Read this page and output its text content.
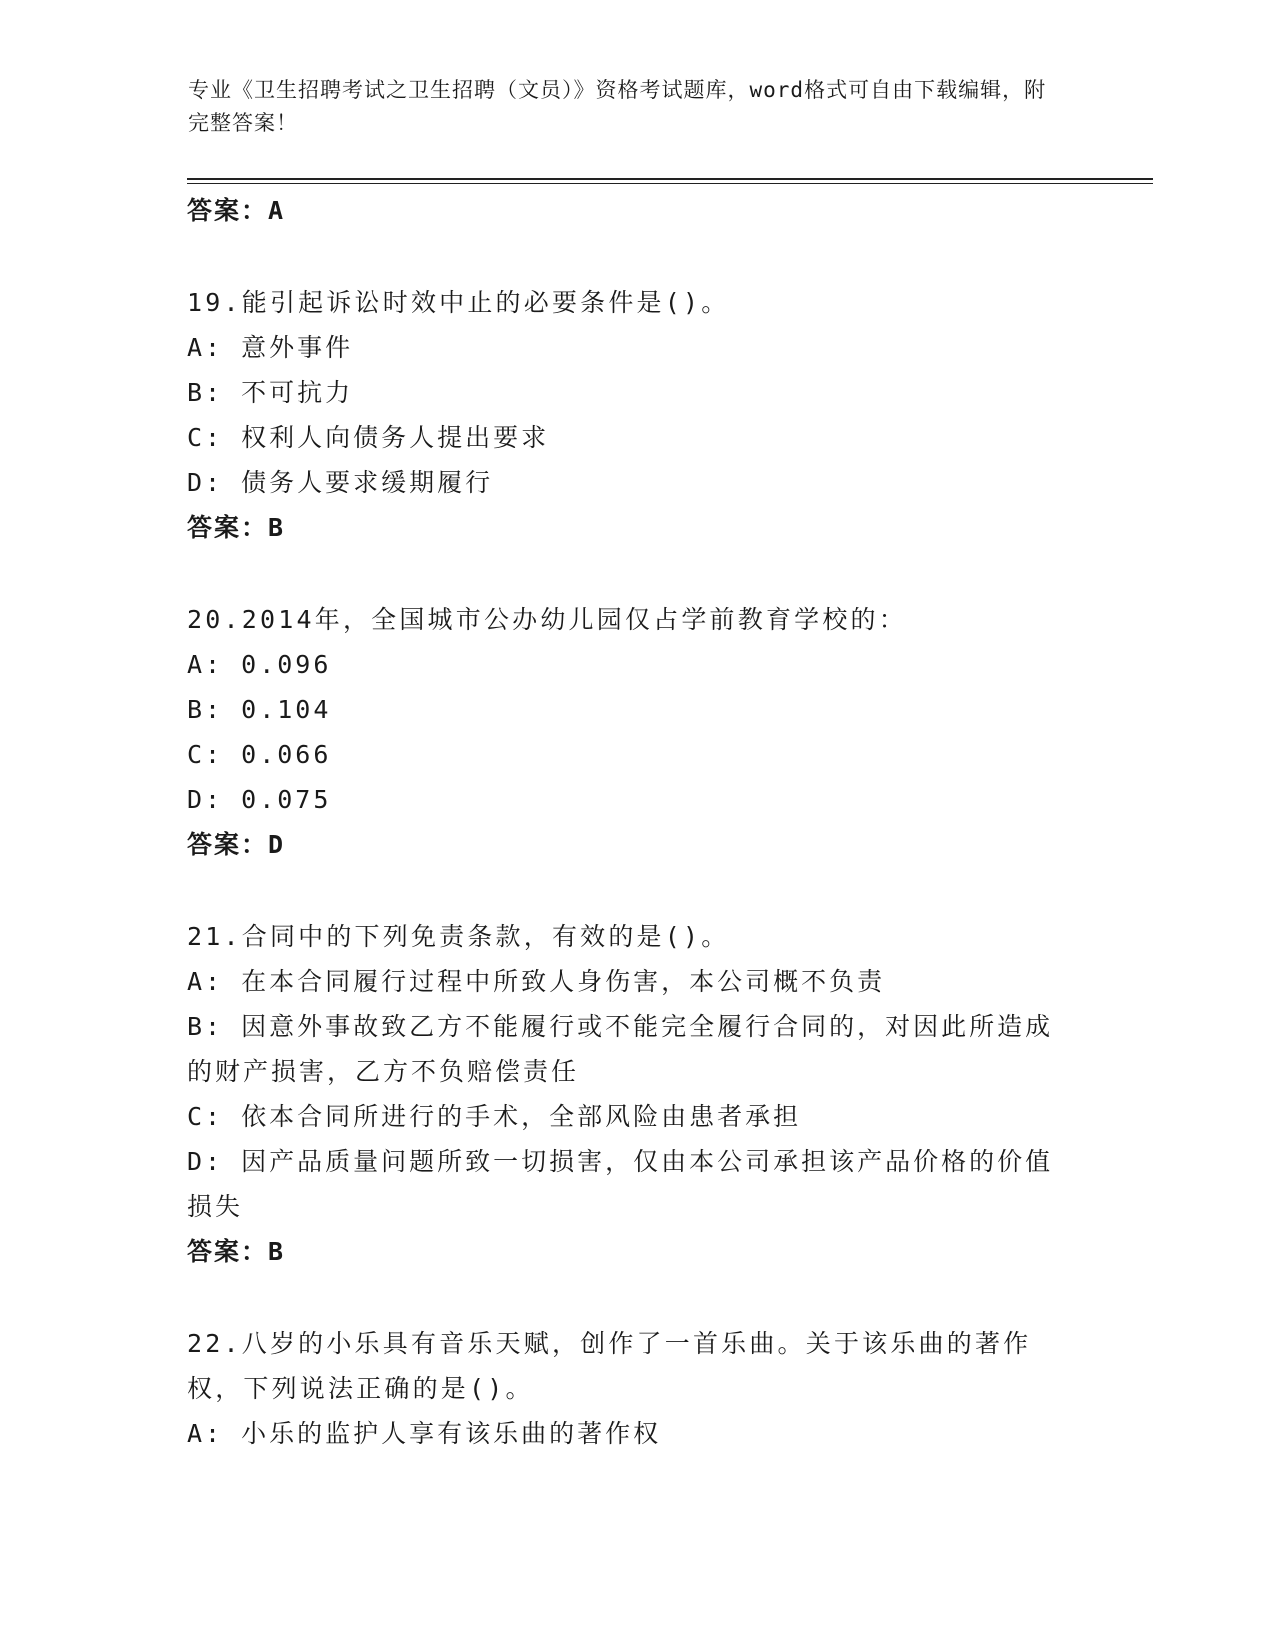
专业《卫生招聘考试之卫生招聘（文员）》资格考试题库，word格式可自由下载编辑，附完整答案！
答案：A
19.能引起诉讼时效中止的必要条件是()。
A: 意外事件
B: 不可抗力
C: 权利人向债务人提出要求
D: 债务人要求缓期履行
答案：B
20.2014年，全国城市公办幼儿园仅占学前教育学校的：
A: 0.096
B: 0.104
C: 0.066
D: 0.075
答案：D
21.合同中的下列免责条款，有效的是()。
A: 在本合同履行过程中所致人身伤害，本公司概不负责
B: 因意外事故致乙方不能履行或不能完全履行合同的，对因此所造成的财产损害，乙方不负赔偿责任
C: 依本合同所进行的手术，全部风险由患者承担
D: 因产品质量问题所致一切损害，仅由本公司承担该产品价格的价值损失
答案：B
22.八岁的小乐具有音乐天赋，创作了一首乐曲。关于该乐曲的著作权，下列说法正确的是()。
A: 小乐的监护人享有该乐曲的著作权
